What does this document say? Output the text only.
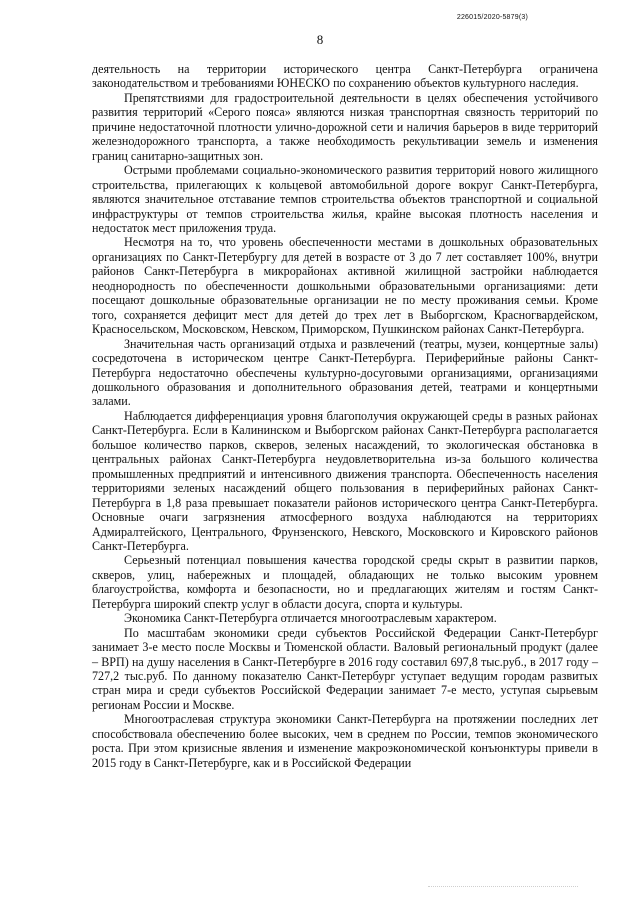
226015/2020-5879(3)
8

деятельность на территории исторического центра Санкт-Петербурга ограничена законодательством и требованиями ЮНЕСКО по сохранению объектов культурного наследия.

Препятствиями для градостроительной деятельности в целях обеспечения устойчивого развития территорий «Серого пояса» являются низкая транспортная связность территорий по причине недостаточной плотности улично-дорожной сети и наличия барьеров в виде территорий железнодорожного транспорта, а также необходимость рекультивации земель и изменения границ санитарно-защитных зон.

Острыми проблемами социально-экономического развития территорий нового жилищного строительства, прилегающих к кольцевой автомобильной дороге вокруг Санкт-Петербурга, являются значительное отставание темпов строительства объектов транспортной и социальной инфраструктуры от темпов строительства жилья, крайне высокая плотность населения и недостаток мест приложения труда.

Несмотря на то, что уровень обеспеченности местами в дошкольных образовательных организациях по Санкт-Петербургу для детей в возрасте от 3 до 7 лет составляет 100%, внутри районов Санкт-Петербурга в микрорайонах активной жилищной застройки наблюдается неоднородность по обеспеченности дошкольными образовательными организациями: дети посещают дошкольные образовательные организации не по месту проживания семьи. Кроме того, сохраняется дефицит мест для детей до трех лет в Выборгском, Красногвардейском, Красносельском, Московском, Невском, Приморском, Пушкинском районах Санкт-Петербурга.

Значительная часть организаций отдыха и развлечений (театры, музеи, концертные залы) сосредоточена в историческом центре Санкт-Петербурга. Периферийные районы Санкт-Петербурга недостаточно обеспечены культурно-досуговыми организациями, организациями дошкольного образования и дополнительного образования детей, театрами и концертными залами.

Наблюдается дифференциация уровня благополучия окружающей среды в разных районах Санкт-Петербурга. Если в Калининском и Выборгском районах Санкт-Петербурга располагается большое количество парков, скверов, зеленых насаждений, то экологическая обстановка в центральных районах Санкт-Петербурга неудовлетворительна из-за большого количества промышленных предприятий и интенсивного движения транспорта. Обеспеченность населения территориями зеленых насаждений общего пользования в периферийных районах Санкт-Петербурга в 1,8 раза превышает показатели районов исторического центра Санкт-Петербурга. Основные очаги загрязнения атмосферного воздуха наблюдаются на территориях Адмиралтейского, Центрального, Фрунзенского, Невского, Московского и Кировского районов Санкт-Петербурга.

Серьезный потенциал повышения качества городской среды скрыт в развитии парков, скверов, улиц, набережных и площадей, обладающих не только высоким уровнем благоустройства, комфорта и безопасности, но и предлагающих жителям и гостям Санкт-Петербурга широкий спектр услуг в области досуга, спорта и культуры.

Экономика Санкт-Петербурга отличается многоотраслевым характером.

По масштабам экономики среди субъектов Российской Федерации Санкт-Петербург занимает 3-е место после Москвы и Тюменской области. Валовый региональный продукт (далее – ВРП) на душу населения в Санкт-Петербурге в 2016 году составил 697,8 тыс.руб., в 2017 году – 727,2 тыс.руб. По данному показателю Санкт-Петербург уступает ведущим городам развитых стран мира и среди субъектов Российской Федерации занимает 7-е место, уступая сырьевым регионам России и Москве.

Многоотраслевая структура экономики Санкт-Петербурга на протяжении последних лет способствовала обеспечению более высоких, чем в среднем по России, темпов экономического роста. При этом кризисные явления и изменение макроэкономической конъюнктуры привели в 2015 году в Санкт-Петербурге, как и в Российской Федерации
